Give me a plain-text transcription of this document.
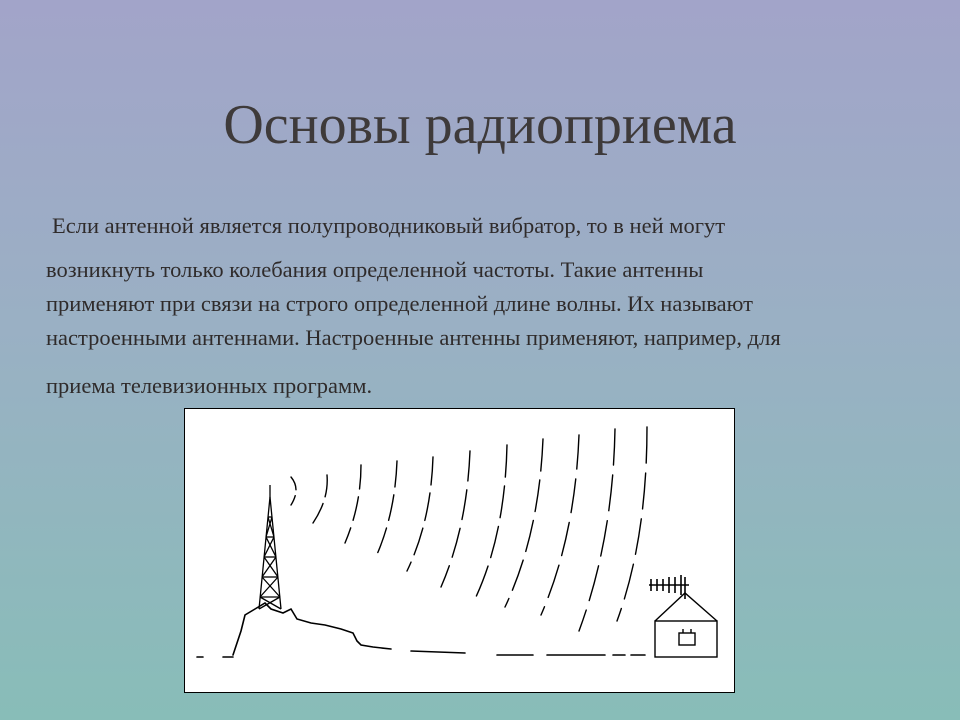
Основы радиоприема
Если антенной является полупроводниковый вибратор, то в ней могут
возникнуть только колебания определенной частоты. Такие антенны
применяют при связи на строго определенной длине волны. Их называют
настроенными антеннами. Настроенные антенны применяют, например, для
приема телевизионных программ.
